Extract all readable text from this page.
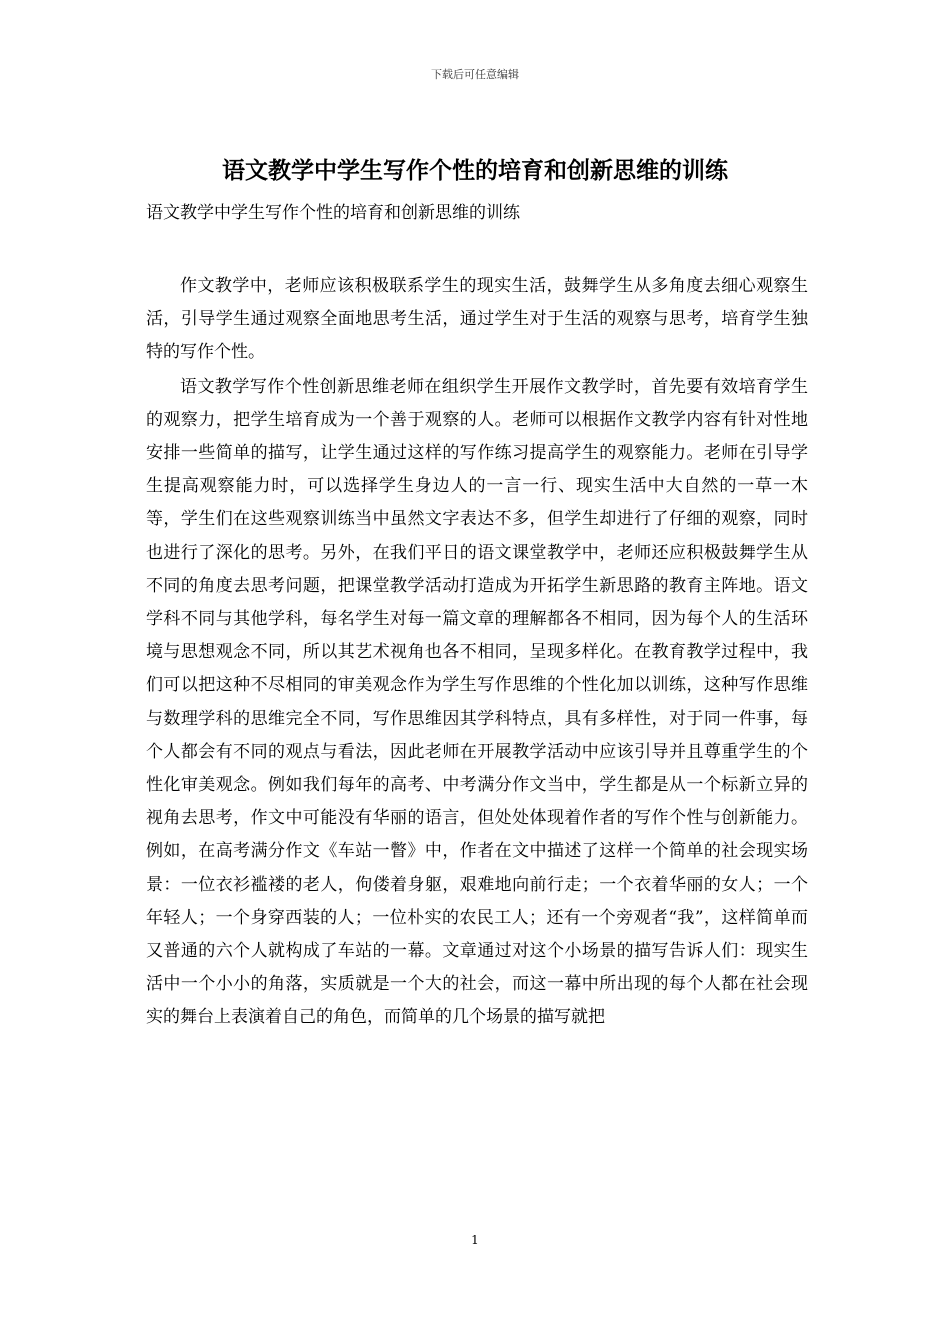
下载后可任意编辑
语文教学中学生写作个性的培育和创新思维的训练
语文教学中学生写作个性的培育和创新思维的训练

作文教学中，老师应该积极联系学生的现实生活，鼓舞学生从多角度去细心观察生活，引导学生通过观察全面地思考生活，通过学生对于生活的观察与思考，培育学生独特的写作个性。

语文教学写作个性创新思维老师在组织学生开展作文教学时，首先要有效培育学生的观察力，把学生培育成为一个善于观察的人。老师可以根据作文教学内容有针对性地安排一些简单的描写，让学生通过这样的写作练习提高学生的观察能力。老师在引导学生提高观察能力时，可以选择学生身边人的一言一行、现实生活中大自然的一草一木等，学生们在这些观察训练当中虽然文字表达不多，但学生却进行了仔细的观察，同时也进行了深化的思考。另外，在我们平日的语文课堂教学中，老师还应积极鼓舞学生从不同的角度去思考问题，把课堂教学活动打造成为开拓学生新思路的教育主阵地。语文学科不同与其他学科，每名学生对每一篇文章的理解都各不相同，因为每个人的生活环境与思想观念不同，所以其艺术视角也各不相同，呈现多样化。在教育教学过程中，我们可以把这种不尽相同的审美观念作为学生写作思维的个性化加以训练，这种写作思维与数理学科的思维完全不同，写作思维因其学科特点，具有多样性，对于同一件事，每个人都会有不同的观点与看法，因此老师在开展教学活动中应该引导并且尊重学生的个性化审美观念。例如我们每年的高考、中考满分作文当中，学生都是从一个标新立异的视角去思考，作文中可能没有华丽的语言，但处处体现着作者的写作个性与创新能力。例如，在高考满分作文《车站一瞥》中，作者在文中描述了这样一个简单的社会现实场景：一位衣衫褴褛的老人，佝偻着身躯，艰难地向前行走；一个衣着华丽的女人；一个年轻人；一个身穿西装的人；一位朴实的农民工人；还有一个旁观者“我”，这样简单而又普通的六个人就构成了车站的一幕。文章通过对这个小场景的描写告诉人们：现实生活中一个小小的角落，实质就是一个大的社会，而这一幕中所出现的每个人都在社会现实的舞台上表演着自己的角色，而简单的几个场景的描写就把

1
